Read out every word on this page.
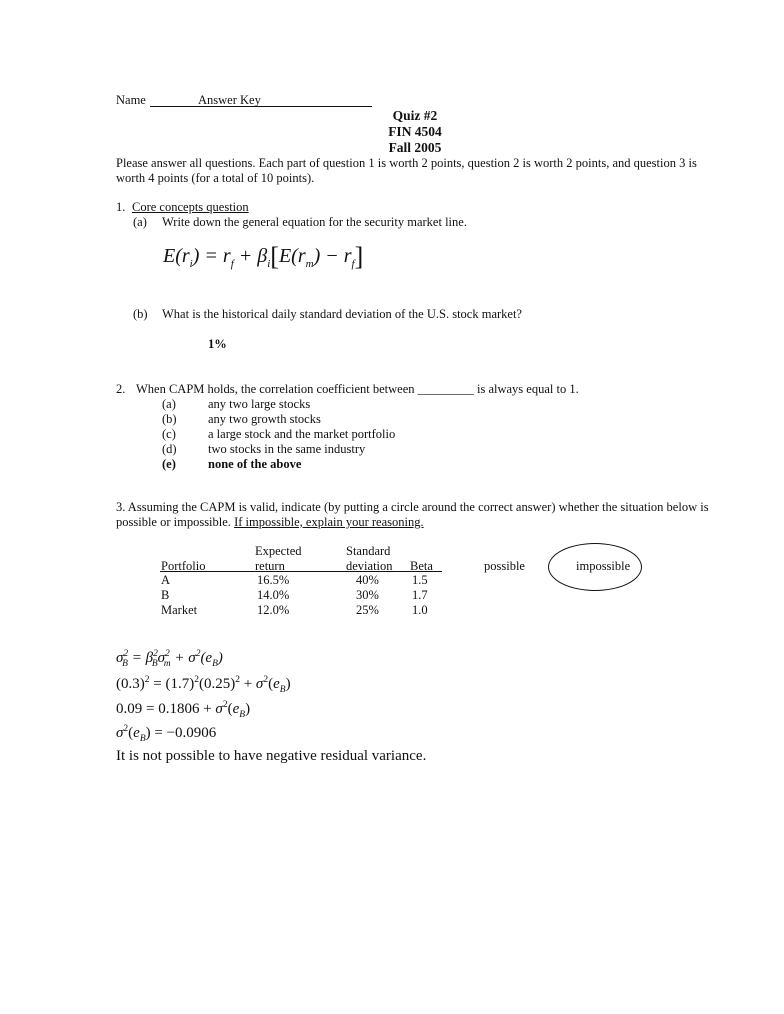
Name	Answer Key
Quiz #2
FIN 4504
Fall 2005
Please answer all questions. Each part of question 1 is worth 2 points, question 2 is worth 2 points, and question 3 is worth 4 points (for a total of 10 points).
1. Core concepts question
(a) Write down the general equation for the security market line.
$E(r_i) = r_f + \beta_i[E(r_m) - r_f]$
(b) What is the historical daily standard deviation of the U.S. stock market?
1%
2. When CAPM holds, the correlation coefficient between _________ is always equal to 1.
(a)	any two large stocks
(b)	any two growth stocks
(c)	a large stock and the market portfolio
(d)	two stocks in the same industry
(e)	none of the above
3. Assuming the CAPM is valid, indicate (by putting a circle around the correct answer) whether the situation below is possible or impossible. If impossible, explain your reasoning.
Expected	Standard
Portfolio	return	deviation Beta
A	16.5%	40%	1.5
B	14.0%	30%	1.7
Market	12.0%	25%	1.0
possible	impossible
$\sigma^2_B = \beta^2_B\sigma^2_m + \sigma^2(e_B)$
$(0.3)^2 = (1.7)^2(0.25)^2 + \sigma^2(e_B)$
$0.09 = 0.1806 + \sigma^2(e_B)$
$\sigma^2(e_B) = -0.0906$
It is not possible to have negative residual variance.
